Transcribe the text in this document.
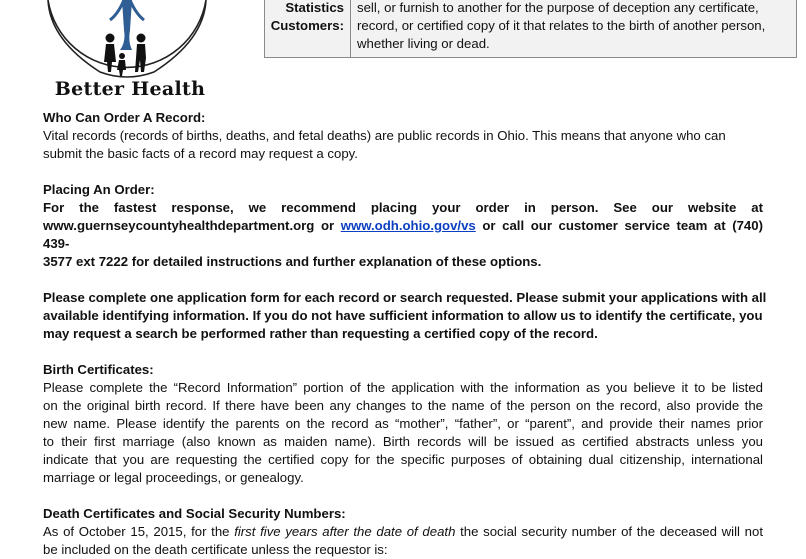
Better Health
Statistics
Customers:
sell, or furnish to another for the purpose of deception any certificate,
record, or certified copy of it that relates to the birth of another person,
whether living or dead.

Who Can Order A Record:

Vital records (records of births, deaths, and fetal deaths) are public records in Ohio. This means that anyone who can
submit the basic facts of a record may request a copy.

Placing An Order:

For the fastest response, we recommend placing your order in person. See our website at
www.guernseycountyhealthdepartment.org or www.odh.ohio.gov/vs or call our customer service team at (740) 439-
3577 ext 7222 for detailed instructions and further explanation of these options.
Please complete one application form for each record or search requested. Please submit your applications with all
available identifying information. If you do not have sufficient information to allow us to identify the certificate, you
may request a search be performed rather than requesting a certified copy of the record.

Birth Certificates:

Please complete the “Record Information” portion of the application with the information as you believe it to be listed
on the original birth record. If there have been any changes to the name of the person on the record, also provide the
new name. Please identify the parents on the record as “mother”, “father”, or “parent”, and provide their names prior
to their first marriage (also known as maiden name). Birth records will be issued as certified abstracts unless you
indicate that you are requesting the certified copy for the specific purposes of obtaining dual citizenship, international
marriage or legal proceedings, or genealogy.

Death Certificates and Social Security Numbers:

As of October 15, 2015, for the first five years after the date of death the social security number of the deceased will not
be included on the death certificate unless the requestor is:
